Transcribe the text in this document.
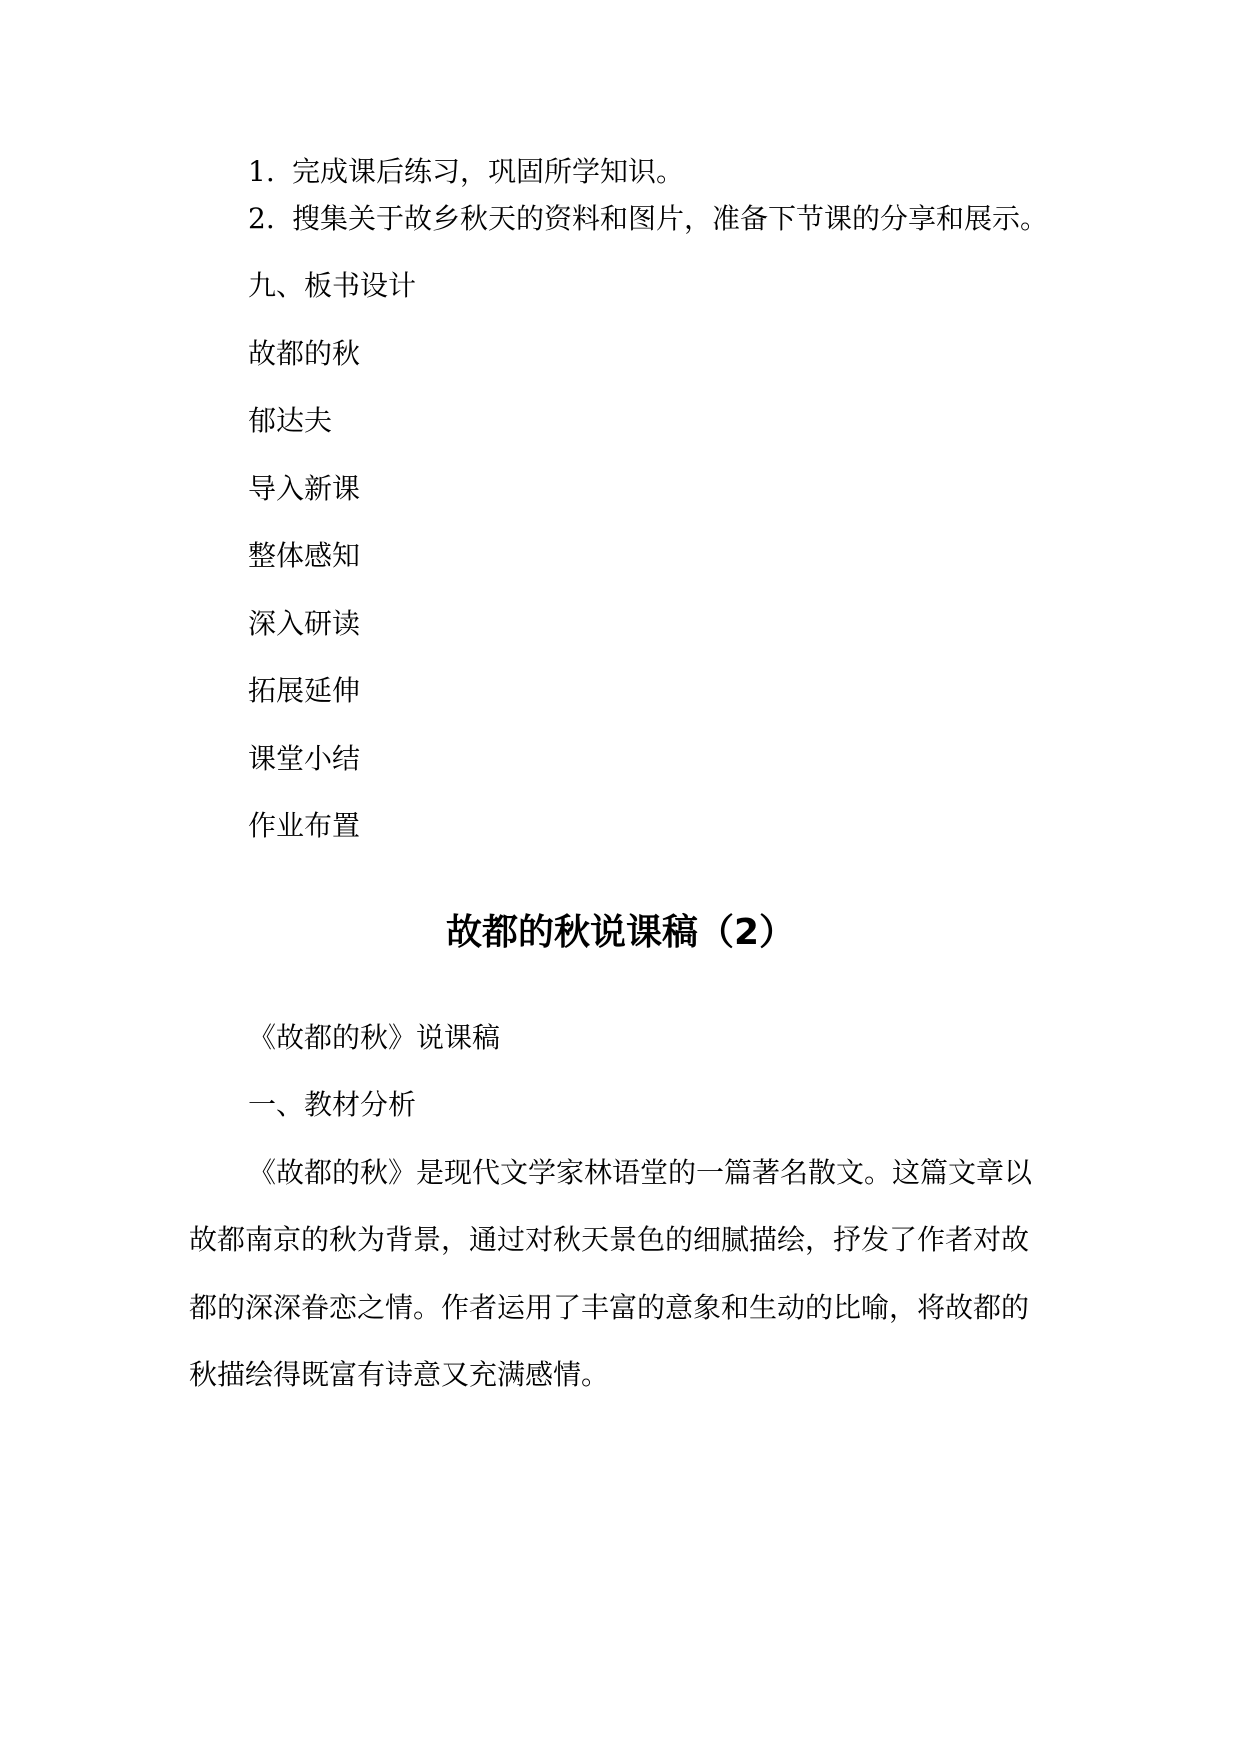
1. 完成课后练习，巩固所学知识。

2. 搜集关于故乡秋天的资料和图片，准备下节课的分享和展示。

九、板书设计

故都的秋

郁达夫

导入新课

整体感知

深入研读

拓展延伸

课堂小结

作业布置

故都的秋说课稿（2）

《故都的秋》说课稿

一、教材分析

《故都的秋》是现代文学家林语堂的一篇著名散文。这篇文章以

故都南京的秋为背景，通过对秋天景色的细腻描绘，抒发了作者对故

都的深深眷恋之情。作者运用了丰富的意象和生动的比喻，将故都的

秋描绘得既富有诗意又充满感情。
